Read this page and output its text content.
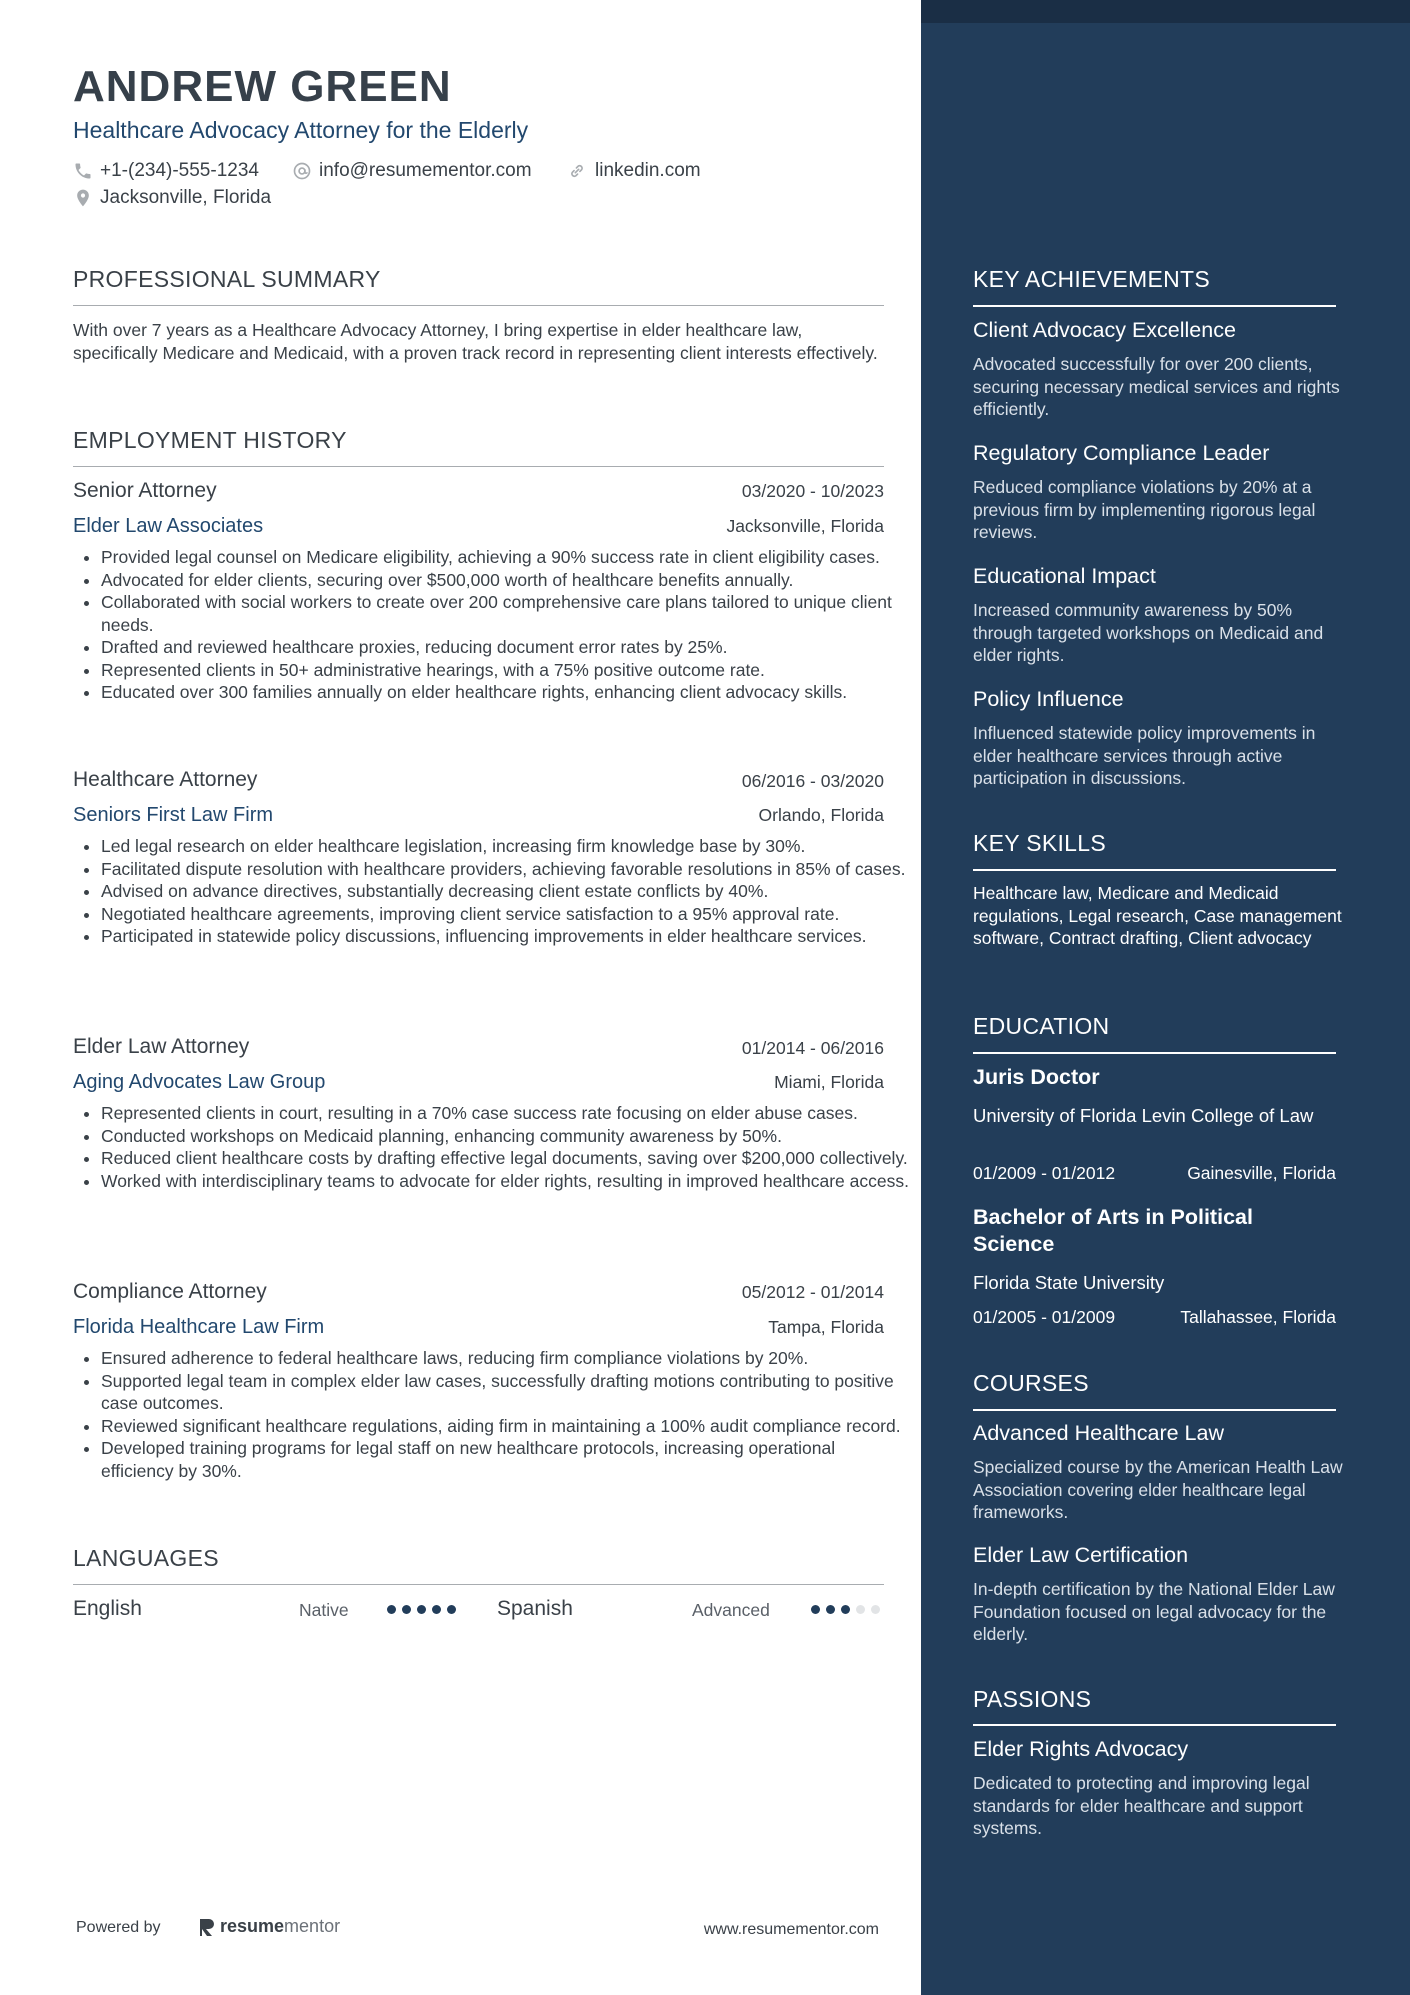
ANDREW GREEN
Healthcare Advocacy Attorney for the Elderly
+1-(234)-555-1234	info@resumementor.com	linkedin.com
Jacksonville, Florida
PROFESSIONAL SUMMARY
With over 7 years as a Healthcare Advocacy Attorney, I bring expertise in elder healthcare law, specifically Medicare and Medicaid, with a proven track record in representing client interests effectively.
EMPLOYMENT HISTORY
Senior Attorney	03/2020 - 10/2023
Elder Law Associates	Jacksonville, Florida
• Provided legal counsel on Medicare eligibility, achieving a 90% success rate in client eligibility cases.
• Advocated for elder clients, securing over $500,000 worth of healthcare benefits annually.
• Collaborated with social workers to create over 200 comprehensive care plans tailored to unique client needs.
• Drafted and reviewed healthcare proxies, reducing document error rates by 25%.
• Represented clients in 50+ administrative hearings, with a 75% positive outcome rate.
• Educated over 300 families annually on elder healthcare rights, enhancing client advocacy skills.
Healthcare Attorney	06/2016 - 03/2020
Seniors First Law Firm	Orlando, Florida
• Led legal research on elder healthcare legislation, increasing firm knowledge base by 30%.
• Facilitated dispute resolution with healthcare providers, achieving favorable resolutions in 85% of cases.
• Advised on advance directives, substantially decreasing client estate conflicts by 40%.
• Negotiated healthcare agreements, improving client service satisfaction to a 95% approval rate.
• Participated in statewide policy discussions, influencing improvements in elder healthcare services.
Elder Law Attorney	01/2014 - 06/2016
Aging Advocates Law Group	Miami, Florida
• Represented clients in court, resulting in a 70% case success rate focusing on elder abuse cases.
• Conducted workshops on Medicaid planning, enhancing community awareness by 50%.
• Reduced client healthcare costs by drafting effective legal documents, saving over $200,000 collectively.
• Worked with interdisciplinary teams to advocate for elder rights, resulting in improved healthcare access.
Compliance Attorney	05/2012 - 01/2014
Florida Healthcare Law Firm	Tampa, Florida
• Ensured adherence to federal healthcare laws, reducing firm compliance violations by 20%.
• Supported legal team in complex elder law cases, successfully drafting motions contributing to positive case outcomes.
• Reviewed significant healthcare regulations, aiding firm in maintaining a 100% audit compliance record.
• Developed training programs for legal staff on new healthcare protocols, increasing operational efficiency by 30%.
LANGUAGES
English	Native	Spanish	Advanced
KEY ACHIEVEMENTS
Client Advocacy Excellence
Advocated successfully for over 200 clients, securing necessary medical services and rights efficiently.
Regulatory Compliance Leader
Reduced compliance violations by 20% at a previous firm by implementing rigorous legal reviews.
Educational Impact
Increased community awareness by 50% through targeted workshops on Medicaid and elder rights.
Policy Influence
Influenced statewide policy improvements in elder healthcare services through active participation in discussions.
KEY SKILLS
Healthcare law, Medicare and Medicaid regulations, Legal research, Case management software, Contract drafting, Client advocacy
EDUCATION
Juris Doctor
University of Florida Levin College of Law
01/2009 - 01/2012	Gainesville, Florida
Bachelor of Arts in Political Science
Florida State University
01/2005 - 01/2009	Tallahassee, Florida
COURSES
Advanced Healthcare Law
Specialized course by the American Health Law Association covering elder healthcare legal frameworks.
Elder Law Certification
In-depth certification by the National Elder Law Foundation focused on legal advocacy for the elderly.
PASSIONS
Elder Rights Advocacy
Dedicated to protecting and improving legal standards for elder healthcare and support systems.
Powered by	resume mentor	www.resumementor.com
